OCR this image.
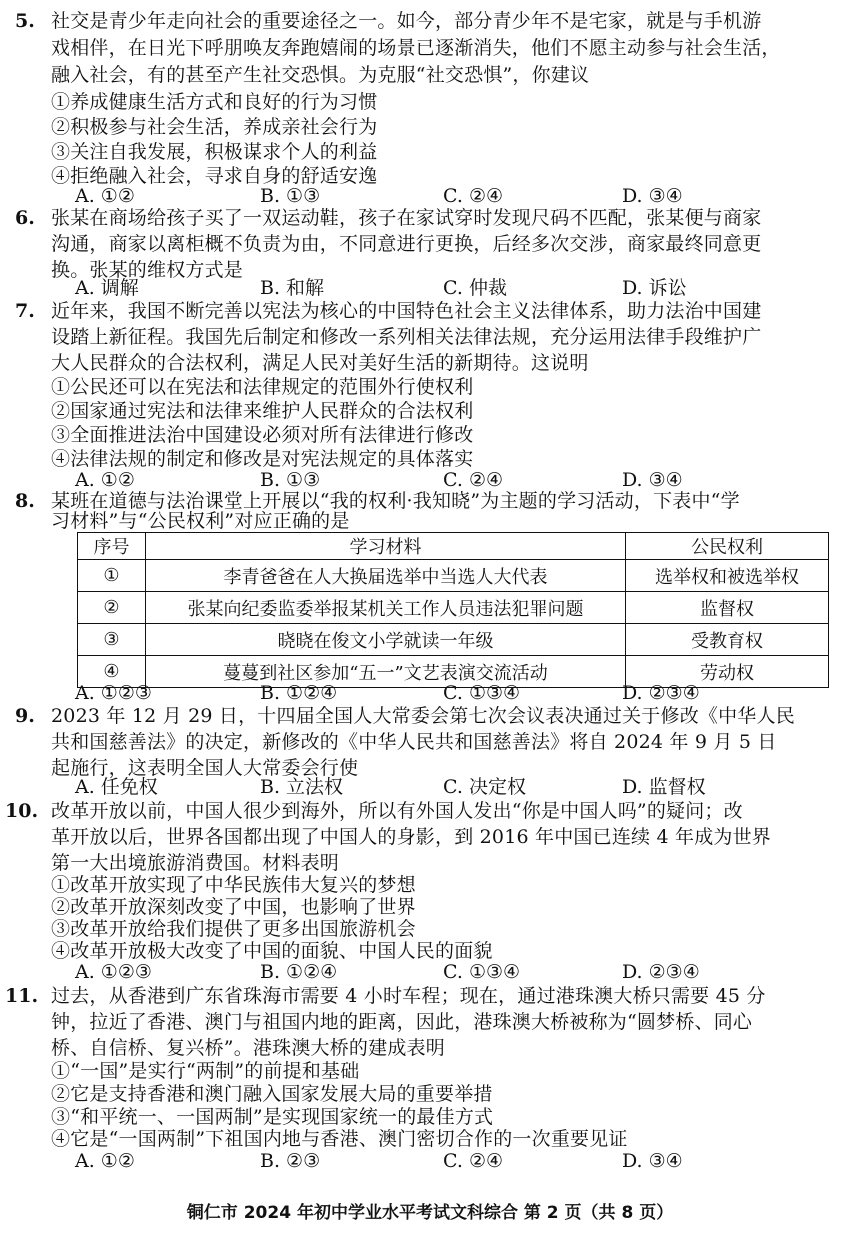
5. 社交是青少年走向社会的重要途径之一。如今，部分青少年不是宅家，就是与手机游
戏相伴，在日光下呼朋唤友奔跑嬉闹的场景已逐渐消失，他们不愿主动参与社会生活，
融入社会，有的甚至产生社交恐惧。为克服“社交恐惧”，你建议
①养成健康生活方式和良好的行为习惯
②积极参与社会生活，养成亲社会行为
③关注自我发展，积极谋求个人的利益
④拒绝融入社会，寻求自身的舒适安逸
A. ①②	B. ①③	C. ②④	D. ③④
6. 张某在商场给孩子买了一双运动鞋，孩子在家试穿时发现尺码不匹配，张某便与商家
沟通，商家以离柜概不负责为由，不同意进行更换，后经多次交涉，商家最终同意更
换。张某的维权方式是
A. 调解	B. 和解	C. 仲裁	D. 诉讼
7. 近年来，我国不断完善以宪法为核心的中国特色社会主义法律体系，助力法治中国建
设踏上新征程。我国先后制定和修改一系列相关法律法规，充分运用法律手段维护广
大人民群众的合法权利，满足人民对美好生活的新期待。这说明
①公民还可以在宪法和法律规定的范围外行使权利
②国家通过宪法和法律来维护人民群众的合法权利
③全面推进法治中国建设必须对所有法律进行修改
④法律法规的制定和修改是对宪法规定的具体落实
A. ①②	B. ①③	C. ②④	D. ③④
8. 某班在道德与法治课堂上开展以“我的权利·我知晓”为主题的学习活动，下表中“学
习材料”与“公民权利”对应正确的是
序号	学习材料	公民权利
①	李青爸爸在人大换届选举中当选人大代表	选举权和被选举权
②	张某向纪委监委举报某机关工作人员违法犯罪问题	监督权
③	晓晓在俊文小学就读一年级	受教育权
④	蔓蔓到社区参加“五一”文艺表演交流活动	劳动权
A. ①②③	B. ①②④	C. ①③④	D. ②③④
9. 2023 年 12 月 29 日，十四届全国人大常委会第七次会议表决通过关于修改《中华人民
共和国慈善法》的决定，新修改的《中华人民共和国慈善法》将自 2024 年 9 月 5 日
起施行，这表明全国人大常委会行使
A. 任免权	B. 立法权	C. 决定权	D. 监督权
10. 改革开放以前，中国人很少到海外，所以有外国人发出“你是中国人吗”的疑问；改
革开放以后，世界各国都出现了中国人的身影，到 2016 年中国已连续 4 年成为世界
第一大出境旅游消费国。材料表明
①改革开放实现了中华民族伟大复兴的梦想
②改革开放深刻改变了中国，也影响了世界
③改革开放给我们提供了更多出国旅游机会
④改革开放极大改变了中国的面貌、中国人民的面貌
A. ①②③	B. ①②④	C. ①③④	D. ②③④
11. 过去，从香港到广东省珠海市需要 4 小时车程；现在，通过港珠澳大桥只需要 45 分
钟，拉近了香港、澳门与祖国内地的距离，因此，港珠澳大桥被称为“圆梦桥、同心
桥、自信桥、复兴桥”。港珠澳大桥的建成表明
①“一国”是实行“两制”的前提和基础
②它是支持香港和澳门融入国家发展大局的重要举措
③“和平统一、一国两制”是实现国家统一的最佳方式
④它是“一国两制”下祖国内地与香港、澳门密切合作的一次重要见证
A. ①②	B. ②③	C. ②④	D. ③④
铜仁市 2024 年初中学业水平考试文科综合 第 2 页（共 8 页）
